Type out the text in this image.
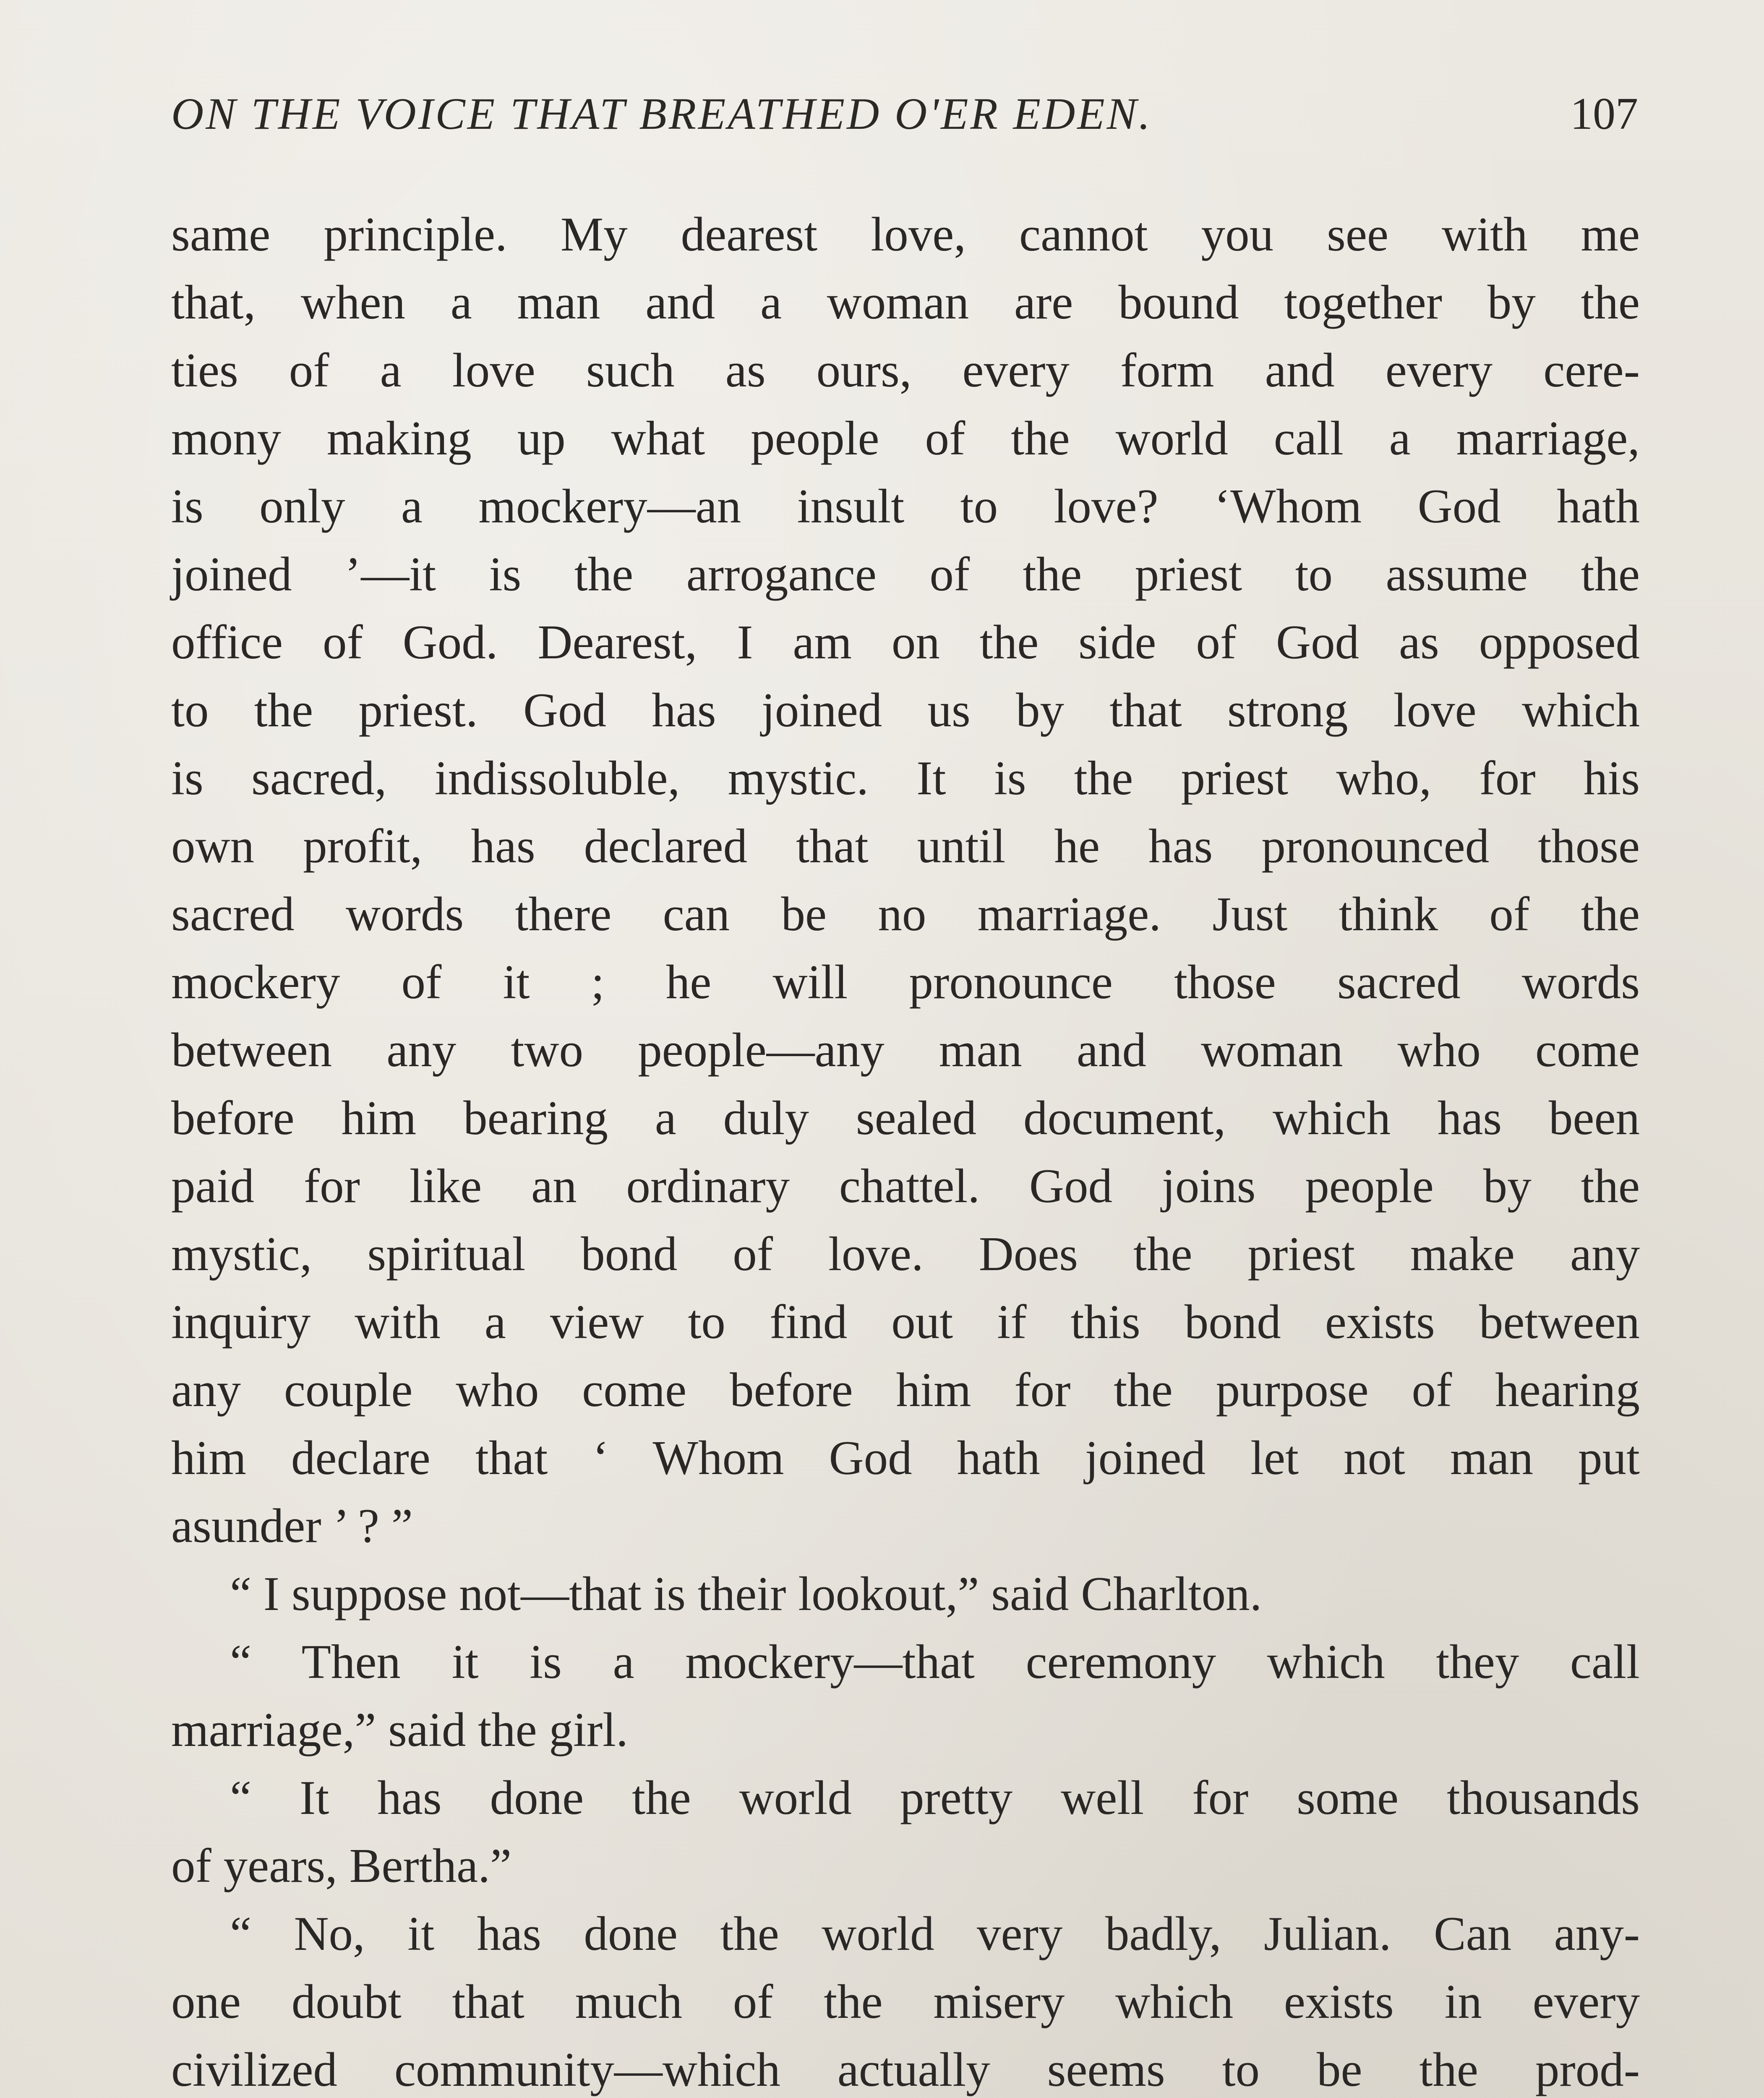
ON THE VOICE THAT BREATHED O'ER EDEN.	107
same principle. My dearest love, cannot you see with me
that, when a man and a woman are bound together by the
ties of a love such as ours, every form and every cere-
mony making up what people of the world call a marriage,
is only a mockery—an insult to love? ‘Whom God hath
joined ’—it is the arrogance of the priest to assume the
office of God. Dearest, I am on the side of God as opposed
to the priest. God has joined us by that strong love which
is sacred, indissoluble, mystic. It is the priest who, for his
own profit, has declared that until he has pronounced those
sacred words there can be no marriage. Just think of the
mockery of it ; he will pronounce those sacred words
between any two people—any man and woman who come
before him bearing a duly sealed document, which has been
paid for like an ordinary chattel. God joins people by the
mystic, spiritual bond of love. Does the priest make any
inquiry with a view to find out if this bond exists between
any couple who come before him for the purpose of hearing
him declare that ‘ Whom God hath joined let not man put
asunder ’ ? ”
“ I suppose not—that is their lookout,” said Charlton.
“ Then it is a mockery—that ceremony which they call
marriage,” said the girl.
“ It has done the world pretty well for some thousands
of years, Bertha.”
“ No, it has done the world very badly, Julian. Can any-
one doubt that much of the misery which exists in every
civilized community—which actually seems to be the prod-
